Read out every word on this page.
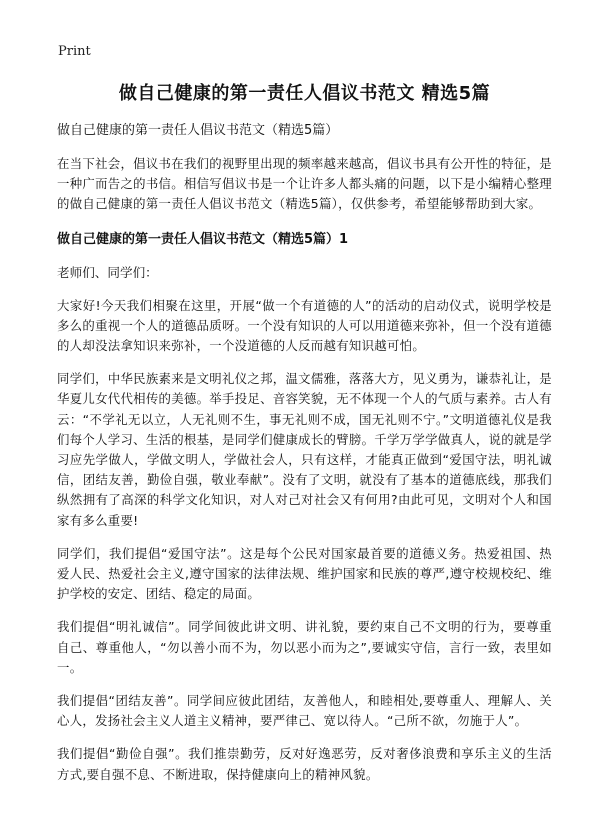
Print
做自己健康的第一责任人倡议书范文 精选5篇

做自己健康的第一责任人倡议书范文（精选5篇）

在当下社会，倡议书在我们的视野里出现的频率越来越高，倡议书具有公开性的特征，是一种广而告之的书信。相信写倡议书是一个让许多人都头痛的问题，以下是小编精心整理的做自己健康的第一责任人倡议书范文（精选5篇），仅供参考，希望能够帮助到大家。

做自己健康的第一责任人倡议书范文（精选5篇）1

老师们、同学们：

大家好!今天我们相聚在这里，开展“做一个有道德的人”的活动的启动仪式，说明学校是多么的重视一个人的道德品质呀。一个没有知识的人可以用道德来弥补，但一个没有道德的人却没法拿知识来弥补，一个没道德的人反而越有知识越可怕。

同学们，中华民族素来是文明礼仪之邦，温文儒雅，落落大方，见义勇为，谦恭礼让，是华夏儿女代代相传的美德。举手投足、音容笑貌，无不体现一个人的气质与素养。古人有云：“不学礼无以立，人无礼则不生，事无礼则不成，国无礼则不宁。”文明道德礼仪是我们每个人学习、生活的根基，是同学们健康成长的臂膀。千学万学学做真人，说的就是学习应先学做人，学做文明人，学做社会人，只有这样，才能真正做到“爱国守法，明礼诚信，团结友善，勤俭自强，敬业奉献”。没有了文明，就没有了基本的道德底线，那我们纵然拥有了高深的科学文化知识，对人对己对社会又有何用?由此可见，文明对个人和国家有多么重要!

同学们，我们提倡“爱国守法”。这是每个公民对国家最首要的道德义务。热爱祖国、热爱人民、热爱社会主义,遵守国家的法律法规、维护国家和民族的尊严,遵守校规校纪、维护学校的安定、团结、稳定的局面。

我们提倡“明礼诚信”。同学间彼此讲文明、讲礼貌，要约束自己不文明的行为，要尊重自己、尊重他人，“勿以善小而不为，勿以恶小而为之”,要诚实守信，言行一致，表里如一。

我们提倡“团结友善”。同学间应彼此团结，友善他人，和睦相处,要尊重人、理解人、关心人，发扬社会主义人道主义精神，要严律己、宽以待人。“己所不欲，勿施于人”。

我们提倡“勤俭自强”。我们推崇勤劳，反对好逸恶劳，反对奢侈浪费和享乐主义的生活方式,要自强不息、不断进取，保持健康向上的精神风貌。
